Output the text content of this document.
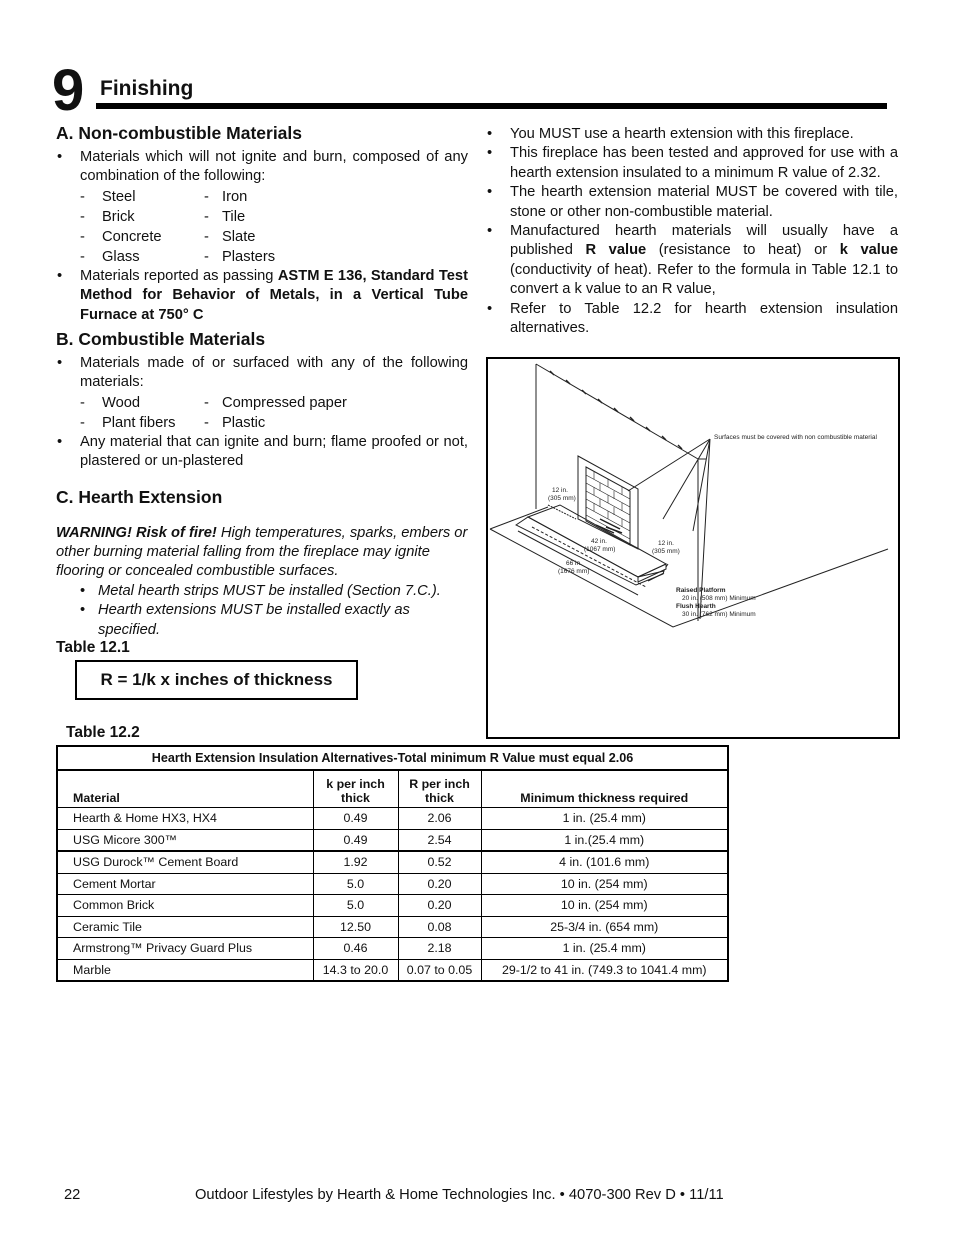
9 Finishing
A. Non-combustible Materials
• Materials which will not ignite and burn, composed of any combination of the following:
-	Steel	- Iron
-	Brick	- Tile
-	Concrete	- Slate
-	Glass	- Plasters
• Materials reported as passing ASTM E 136, Standard Test Method for Behavior of Metals, in a Vertical Tube Furnace at 750° C
B. Combustible Materials
• Materials made of or surfaced with any of the following materials:
-	Wood	- Compressed paper
-	Plant fibers	- Plastic
• Any material that can ignite and burn; flame proofed or not, plastered or un-plastered
C. Hearth Extension
WARNING! Risk of fire! High temperatures, sparks, embers or other burning material falling from the fireplace may ignite flooring or concealed combustible surfaces.
• Metal hearth strips MUST be installed (Section 7.C.).
• Hearth extensions MUST be installed exactly as specified.
• You MUST use a hearth extension with this fireplace.
• This fireplace has been tested and approved for use with a hearth extension insulated to a minimum R value of 2.32.
• The hearth extension material MUST be covered with tile, stone or other non-combustible material.
• Manufactured hearth materials will usually have a published R value (resistance to heat) or k value (conductivity of heat). Refer to the formula in Table 12.1 to convert a k value to an R value,
• Refer to Table 12.2 for hearth extension insulation alternatives.
Surfaces must be covered with non combustible material
12 in.
(305 mm)
42 in.
(1067 mm)
12 in.
(305 mm)
66 in.
(1676 mm)
Raised Platform
20 in. (508 mm) Minimum
Flush Hearth
30 in. (762 mm) Minimum
Table 12.1
R = 1/k x inches of thickness
Table 12.2
Hearth Extension Insulation Alternatives-Total minimum R Value must equal 2.06			
Material	k per inch thick	R per inch thick	Minimum thickness required
Hearth & Home HX3, HX4	0.49	2.06	1 in. (25.4 mm)
USG Micore 300™	0.49	2.54	1 in.(25.4 mm)
USG Durock™ Cement Board	1.92	0.52	4 in. (101.6 mm)
Cement Mortar	5.0	0.20	10 in. (254 mm)
Common Brick	5.0	0.20	10 in. (254 mm)
Ceramic Tile	12.50	0.08	25-3/4 in. (654 mm)
Armstrong™ Privacy Guard Plus	0.46	2.18	1 in. (25.4 mm)
Marble	14.3 to 20.0	0.07 to 0.05	29-1/2 to 41 in. (749.3 to 1041.4 mm)
22	Outdoor Lifestyles by Hearth & Home Technologies Inc. • 4070-300 Rev D • 11/11
